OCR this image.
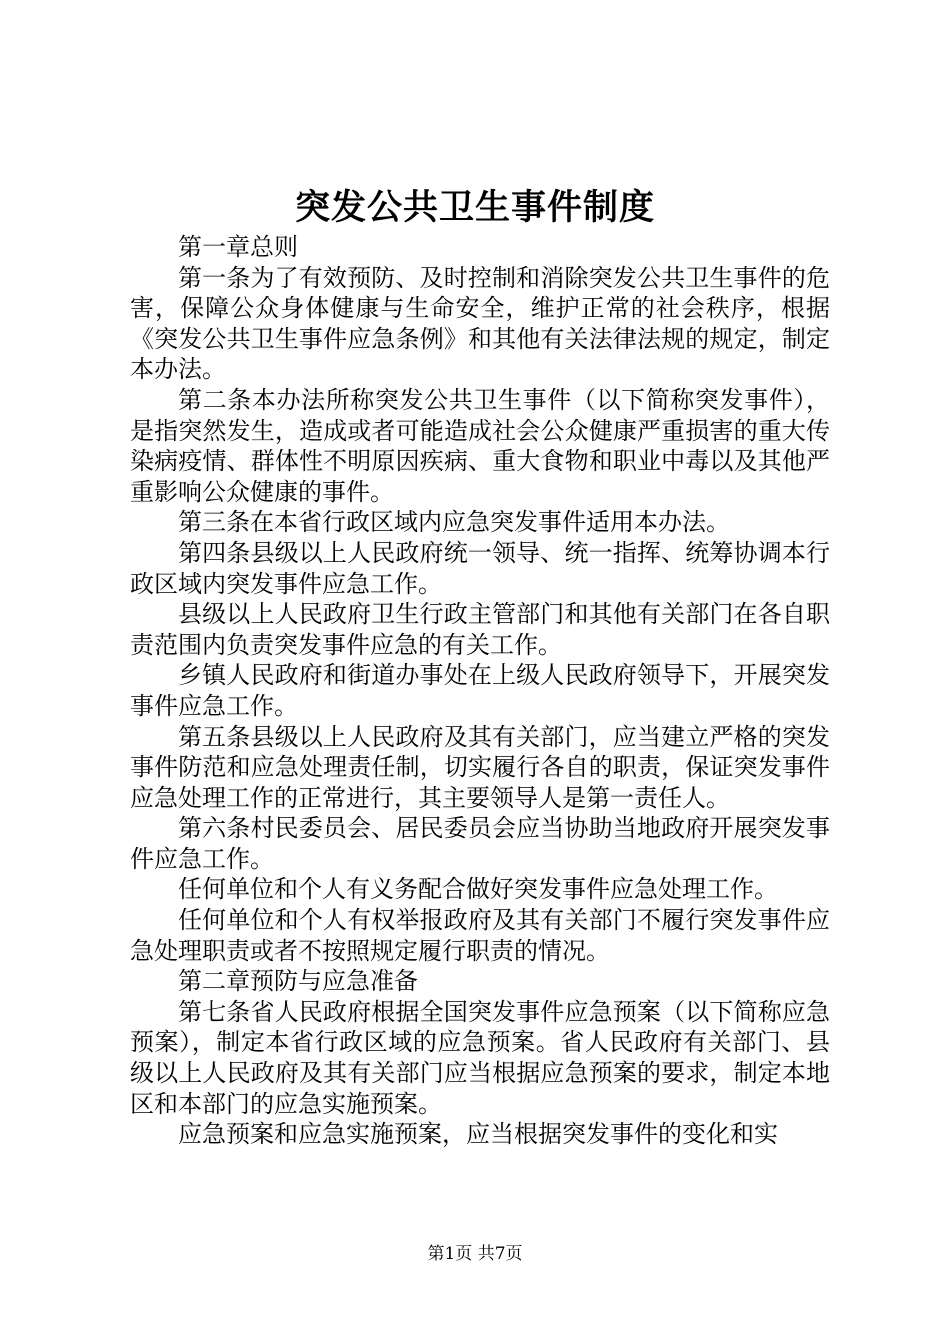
突发公共卫生事件制度

第一章总则

第一条为了有效预防、及时控制和消除突发公共卫生事件的危害，保障公众身体健康与生命安全，维护正常的社会秩序，根据《突发公共卫生事件应急条例》和其他有关法律法规的规定，制定本办法。

第二条本办法所称突发公共卫生事件（以下简称突发事件），是指突然发生，造成或者可能造成社会公众健康严重损害的重大传染病疫情、群体性不明原因疾病、重大食物和职业中毒以及其他严重影响公众健康的事件。

第三条在本省行政区域内应急突发事件适用本办法。

第四条县级以上人民政府统一领导、统一指挥、统筹协调本行政区域内突发事件应急工作。

县级以上人民政府卫生行政主管部门和其他有关部门在各自职责范围内负责突发事件应急的有关工作。

乡镇人民政府和街道办事处在上级人民政府领导下，开展突发事件应急工作。

第五条县级以上人民政府及其有关部门，应当建立严格的突发事件防范和应急处理责任制，切实履行各自的职责，保证突发事件应急处理工作的正常进行，其主要领导人是第一责任人。

第六条村民委员会、居民委员会应当协助当地政府开展突发事件应急工作。

任何单位和个人有义务配合做好突发事件应急处理工作。

任何单位和个人有权举报政府及其有关部门不履行突发事件应急处理职责或者不按照规定履行职责的情况。

第二章预防与应急准备

第七条省人民政府根据全国突发事件应急预案（以下简称应急预案），制定本省行政区域的应急预案。省人民政府有关部门、县级以上人民政府及其有关部门应当根据应急预案的要求，制定本地区和本部门的应急实施预案。

应急预案和应急实施预案，应当根据突发事件的变化和实

第1页 共7页
